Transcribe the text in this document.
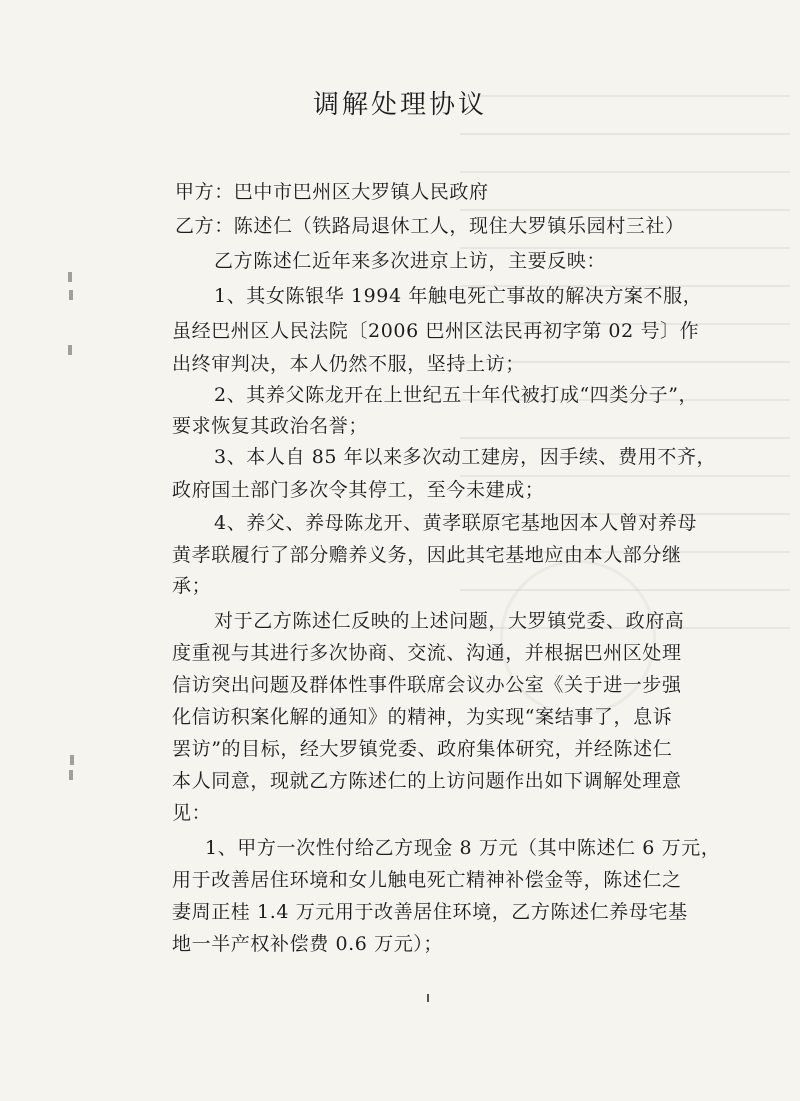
调解处理协议
甲方：巴中市巴州区大罗镇人民政府
乙方：陈述仁（铁路局退休工人，现住大罗镇乐园村三社）
乙方陈述仁近年来多次进京上访，主要反映：
1、其女陈银华 1994 年触电死亡事故的解决方案不服，
虽经巴州区人民法院〔2006 巴州区法民再初字第 02 号〕作
出终审判决，本人仍然不服，坚持上访；
2、其养父陈龙开在上世纪五十年代被打成“四类分子”，
要求恢复其政治名誉；
3、本人自 85 年以来多次动工建房，因手续、费用不齐，
政府国土部门多次令其停工，至今未建成；
4、养父、养母陈龙开、黄孝联原宅基地因本人曾对养母
黄孝联履行了部分赡养义务，因此其宅基地应由本人部分继
承；
对于乙方陈述仁反映的上述问题，大罗镇党委、政府高
度重视与其进行多次协商、交流、沟通，并根据巴州区处理
信访突出问题及群体性事件联席会议办公室《关于进一步强
化信访积案化解的通知》的精神，为实现“案结事了，息诉
罢访”的目标，经大罗镇党委、政府集体研究，并经陈述仁
本人同意，现就乙方陈述仁的上访问题作出如下调解处理意
见：
1、甲方一次性付给乙方现金 8 万元（其中陈述仁 6 万元，
用于改善居住环境和女儿触电死亡精神补偿金等，陈述仁之
妻周正桂 1.4 万元用于改善居住环境，乙方陈述仁养母宅基
地一半产权补偿费 0.6 万元）；
